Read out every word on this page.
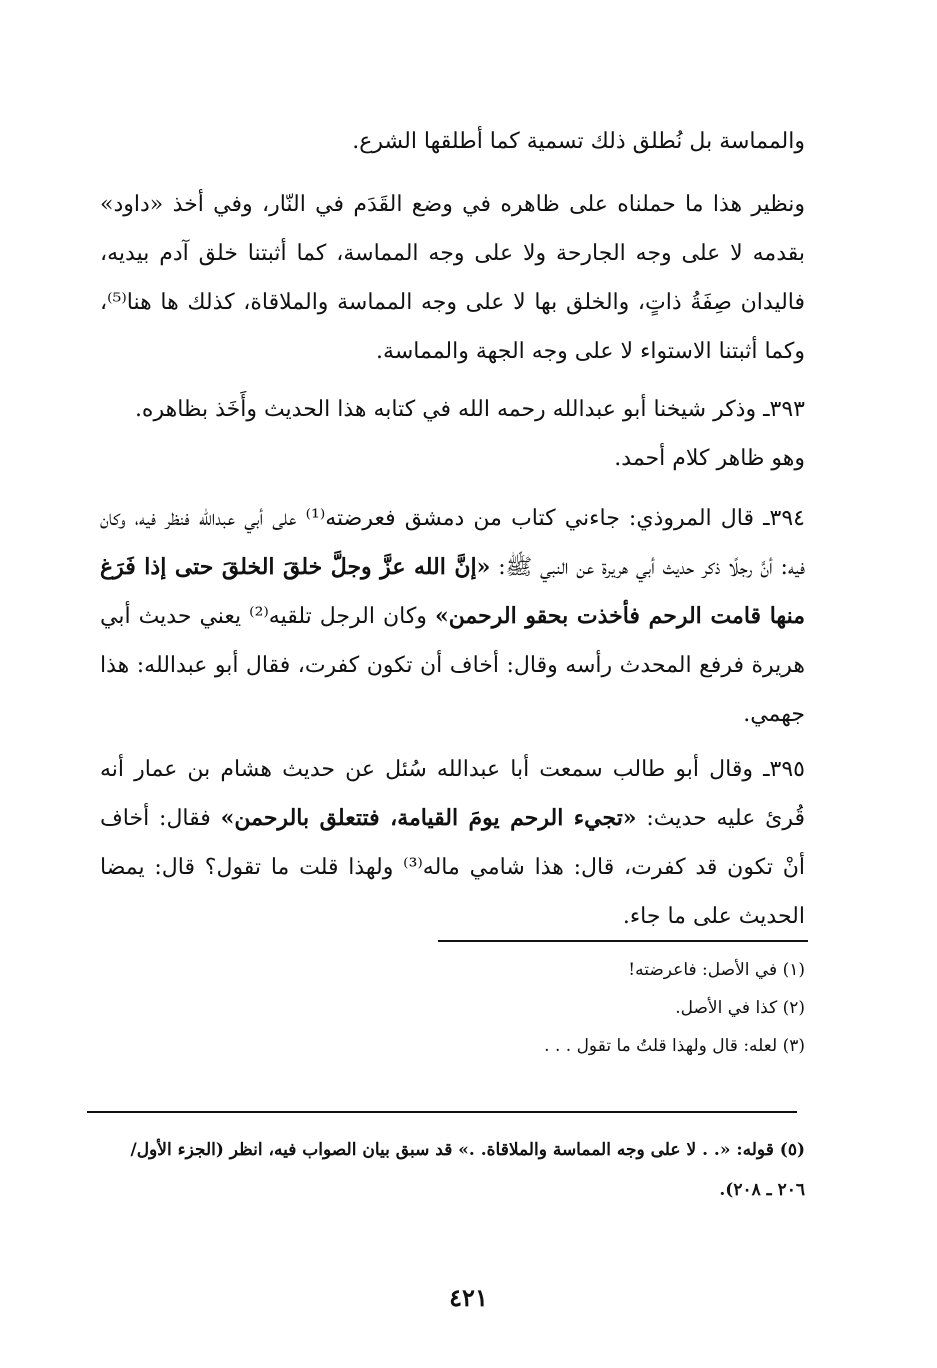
والمماسة بل نُطلق ذلك تسمية كما أطلقها الشرع.

ونظير هذا ما حملناه على ظاهره في وضع القَدَم في النّار، وفي أخذ «داود» بقدمه لا على وجه الجارحة ولا على وجه المماسة، كما أثبتنا خلق آدم بيديه، فاليدان صِفَةُ ذاتٍ، والخلق بها لا على وجه المماسة والملاقاة، كذلك ها هنا⁽⁵⁾، وكما أثبتنا الاستواء لا على وجه الجهة والمماسة.

٣٩٣ـ وذكر شيخنا أبو عبدالله رحمه الله في كتابه هذا الحديث وأَخَذ بظاهره.

وهو ظاهر كلام أحمد.

٣٩٤ـ قال المروذي: جاءني كتاب من دمشق فعرضته⁽¹⁾ على أبي عبدالله فنظر فيه، وكان فيه: أنَّ رجلًا ذكر حديث أبي هريرة عن النبي ﷺ: «إنَّ الله عزَّ وجلَّ خلقَ الخلقَ حتى إذا فَرَغ منها قامت الرحم فأخذت بحقو الرحمن» وكان الرجل تلقيه⁽²⁾ يعني حديث أبي هريرة فرفع المحدث رأسه وقال: أخاف أن تكون كفرت، فقال أبو عبدالله: هذا جهمي.

٣٩٥ـ وقال أبو طالب سمعت أبا عبدالله سُئل عن حديث هشام بن عمار أنه قُرئ عليه حديث: «تجيء الرحم يومَ القيامة، فتتعلق بالرحمن» فقال: أخاف أنْ تكون قد كفرت، قال: هذا شامي ماله⁽³⁾ ولهذا قلت ما تقول؟ قال: يمضا الحديث على ما جاء.

(١) في الأصل: فاعرضته!

(٢) كذا في الأصل.

(٣) لعله: قال ولهذا قلتُ ما تقول . . .

(٥) قوله: «. . لا على وجه المماسة والملاقاة. .» قد سبق بيان الصواب فيه، انظر (الجزء الأول/

٢٠٦ ـ ٢٠٨).

٤٢١
